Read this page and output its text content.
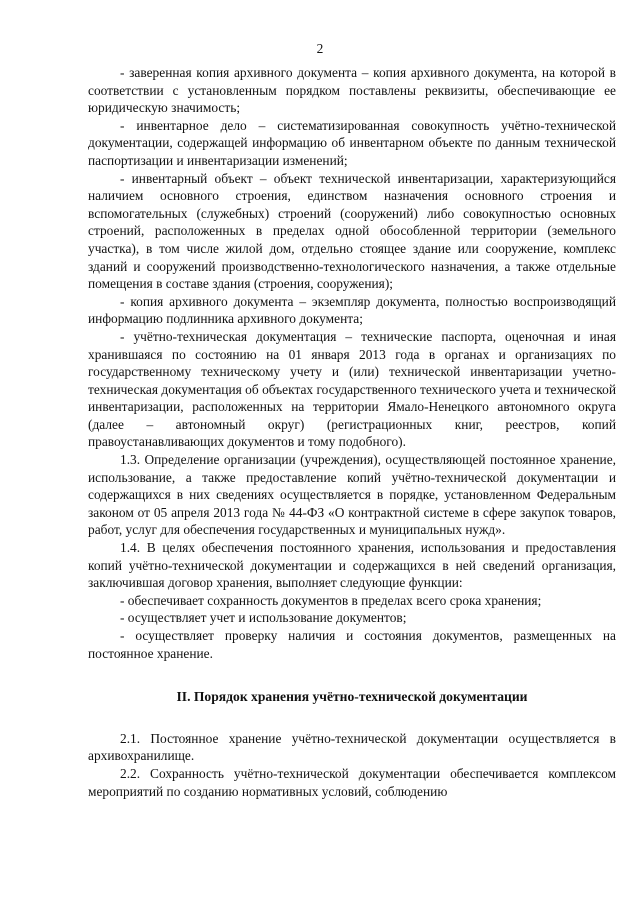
2

- заверенная копия архивного документа – копия архивного документа, на которой в соответствии с установленным порядком поставлены реквизиты, обеспечивающие ее юридическую значимость;

- инвентарное дело – систематизированная совокупность учётно-технической документации, содержащей информацию об инвентарном объекте по данным технической паспортизации и инвентаризации изменений;

- инвентарный объект – объект технической инвентаризации, характеризующийся наличием основного строения, единством назначения основного строения и вспомогательных (служебных) строений (сооружений) либо совокупностью основных строений, расположенных в пределах одной обособленной территории (земельного участка), в том числе жилой дом, отдельно стоящее здание или сооружение, комплекс зданий и сооружений производственно-технологического назначения, а также отдельные помещения в составе здания (строения, сооружения);

- копия архивного документа – экземпляр документа, полностью воспроизводящий информацию подлинника архивного документа;

- учётно-техническая документация – технические паспорта, оценочная и иная хранившаяся по состоянию на 01 января 2013 года в органах и организациях по государственному техническому учету и (или) технической инвентаризации учетно-техническая документация об объектах государственного технического учета и технической инвентаризации, расположенных на территории Ямало-Ненецкого автономного округа (далее – автономный округ) (регистрационных книг, реестров, копий правоустанавливающих документов и тому подобного).

1.3. Определение организации (учреждения), осуществляющей постоянное хранение, использование, а также предоставление копий учётно-технической документации и содержащихся в них сведениях осуществляется в порядке, установленном Федеральным законом от 05 апреля 2013 года № 44-ФЗ «О контрактной системе в сфере закупок товаров, работ, услуг для обеспечения государственных и муниципальных нужд».

1.4. В целях обеспечения постоянного хранения, использования и предоставления копий учётно-технической документации и содержащихся в ней сведений организация, заключившая договор хранения, выполняет следующие функции:

- обеспечивает сохранность документов в пределах всего срока хранения;

- осуществляет учет и использование документов;

- осуществляет проверку наличия и состояния документов, размещенных на постоянное хранение.

II. Порядок хранения учётно-технической документации

2.1. Постоянное хранение учётно-технической документации осуществляется в архивохранилище.

2.2. Сохранность учётно-технической документации обеспечивается комплексом мероприятий по созданию нормативных условий, соблюдению
